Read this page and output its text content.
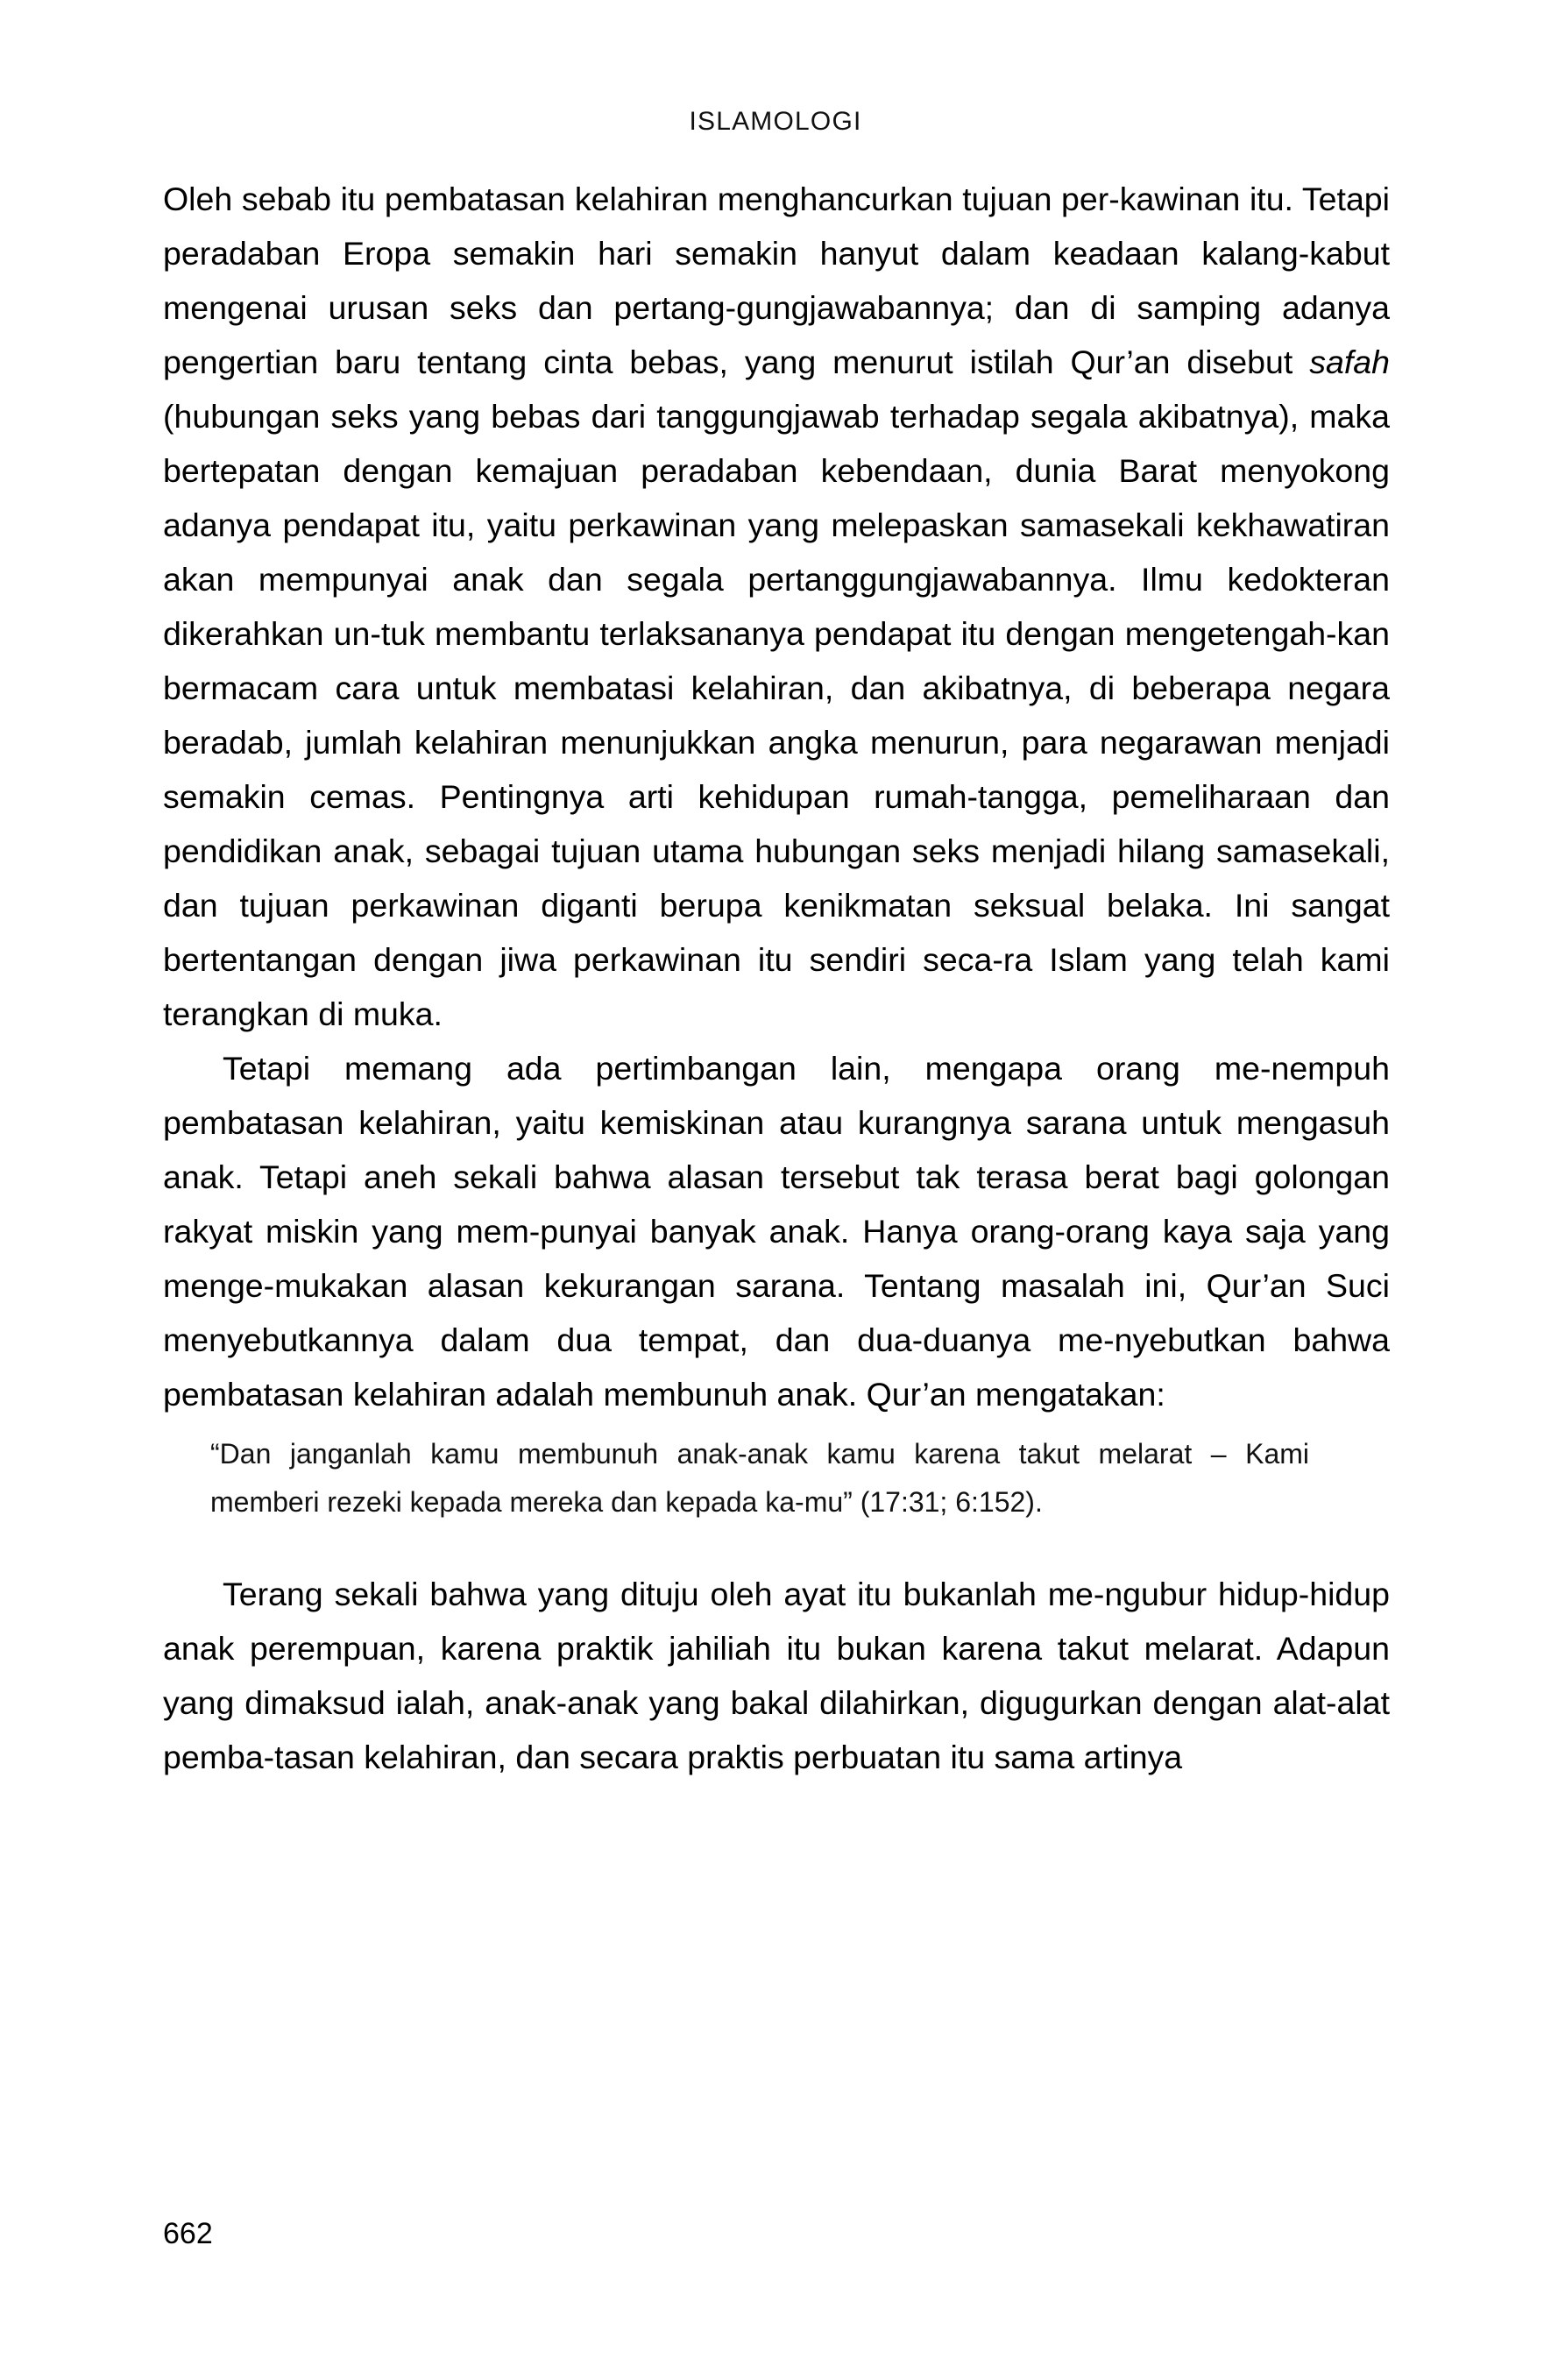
ISLAMOLOGI

Oleh sebab itu pembatasan kelahiran menghancurkan tujuan per-kawinan itu. Tetapi peradaban Eropa semakin hari semakin hanyut dalam keadaan kalang-kabut mengenai urusan seks dan pertang-gungjawabannya; dan di samping adanya pengertian baru tentang cinta bebas, yang menurut istilah Qur’an disebut safah (hubungan seks yang bebas dari tanggungjawab terhadap segala akibatnya), maka bertepatan dengan kemajuan peradaban kebendaan, dunia Barat menyokong adanya pendapat itu, yaitu perkawinan yang melepaskan samasekali kekhawatiran akan mempunyai anak dan segala pertanggungjawabannya. Ilmu kedokteran dikerahkan un-tuk membantu terlaksananya pendapat itu dengan mengetengah-kan bermacam cara untuk membatasi kelahiran, dan akibatnya, di beberapa negara beradab, jumlah kelahiran menunjukkan angka menurun, para negarawan menjadi semakin cemas. Pentingnya arti kehidupan rumah-tangga, pemeliharaan dan pendidikan anak, sebagai tujuan utama hubungan seks menjadi hilang samasekali, dan tujuan perkawinan diganti berupa kenikmatan seksual belaka. Ini sangat bertentangan dengan jiwa perkawinan itu sendiri seca-ra Islam yang telah kami terangkan di muka.

Tetapi memang ada pertimbangan lain, mengapa orang me-nempuh pembatasan kelahiran, yaitu kemiskinan atau kurangnya sarana untuk mengasuh anak. Tetapi aneh sekali bahwa alasan tersebut tak terasa berat bagi golongan rakyat miskin yang mem-punyai banyak anak. Hanya orang-orang kaya saja yang menge-mukakan alasan kekurangan sarana. Tentang masalah ini, Qur’an Suci menyebutkannya dalam dua tempat, dan dua-duanya me-nyebutkan bahwa pembatasan kelahiran adalah membunuh anak. Qur’an mengatakan:

“Dan janganlah kamu membunuh anak-anak kamu karena takut melarat – Kami memberi rezeki kepada mereka dan kepada ka-mu” (17:31; 6:152).

Terang sekali bahwa yang dituju oleh ayat itu bukanlah me-ngubur hidup-hidup anak perempuan, karena praktik jahiliah itu bukan karena takut melarat. Adapun yang dimaksud ialah, anak-anak yang bakal dilahirkan, digugurkan dengan alat-alat pemba-tasan kelahiran, dan secara praktis perbuatan itu sama artinya

662
